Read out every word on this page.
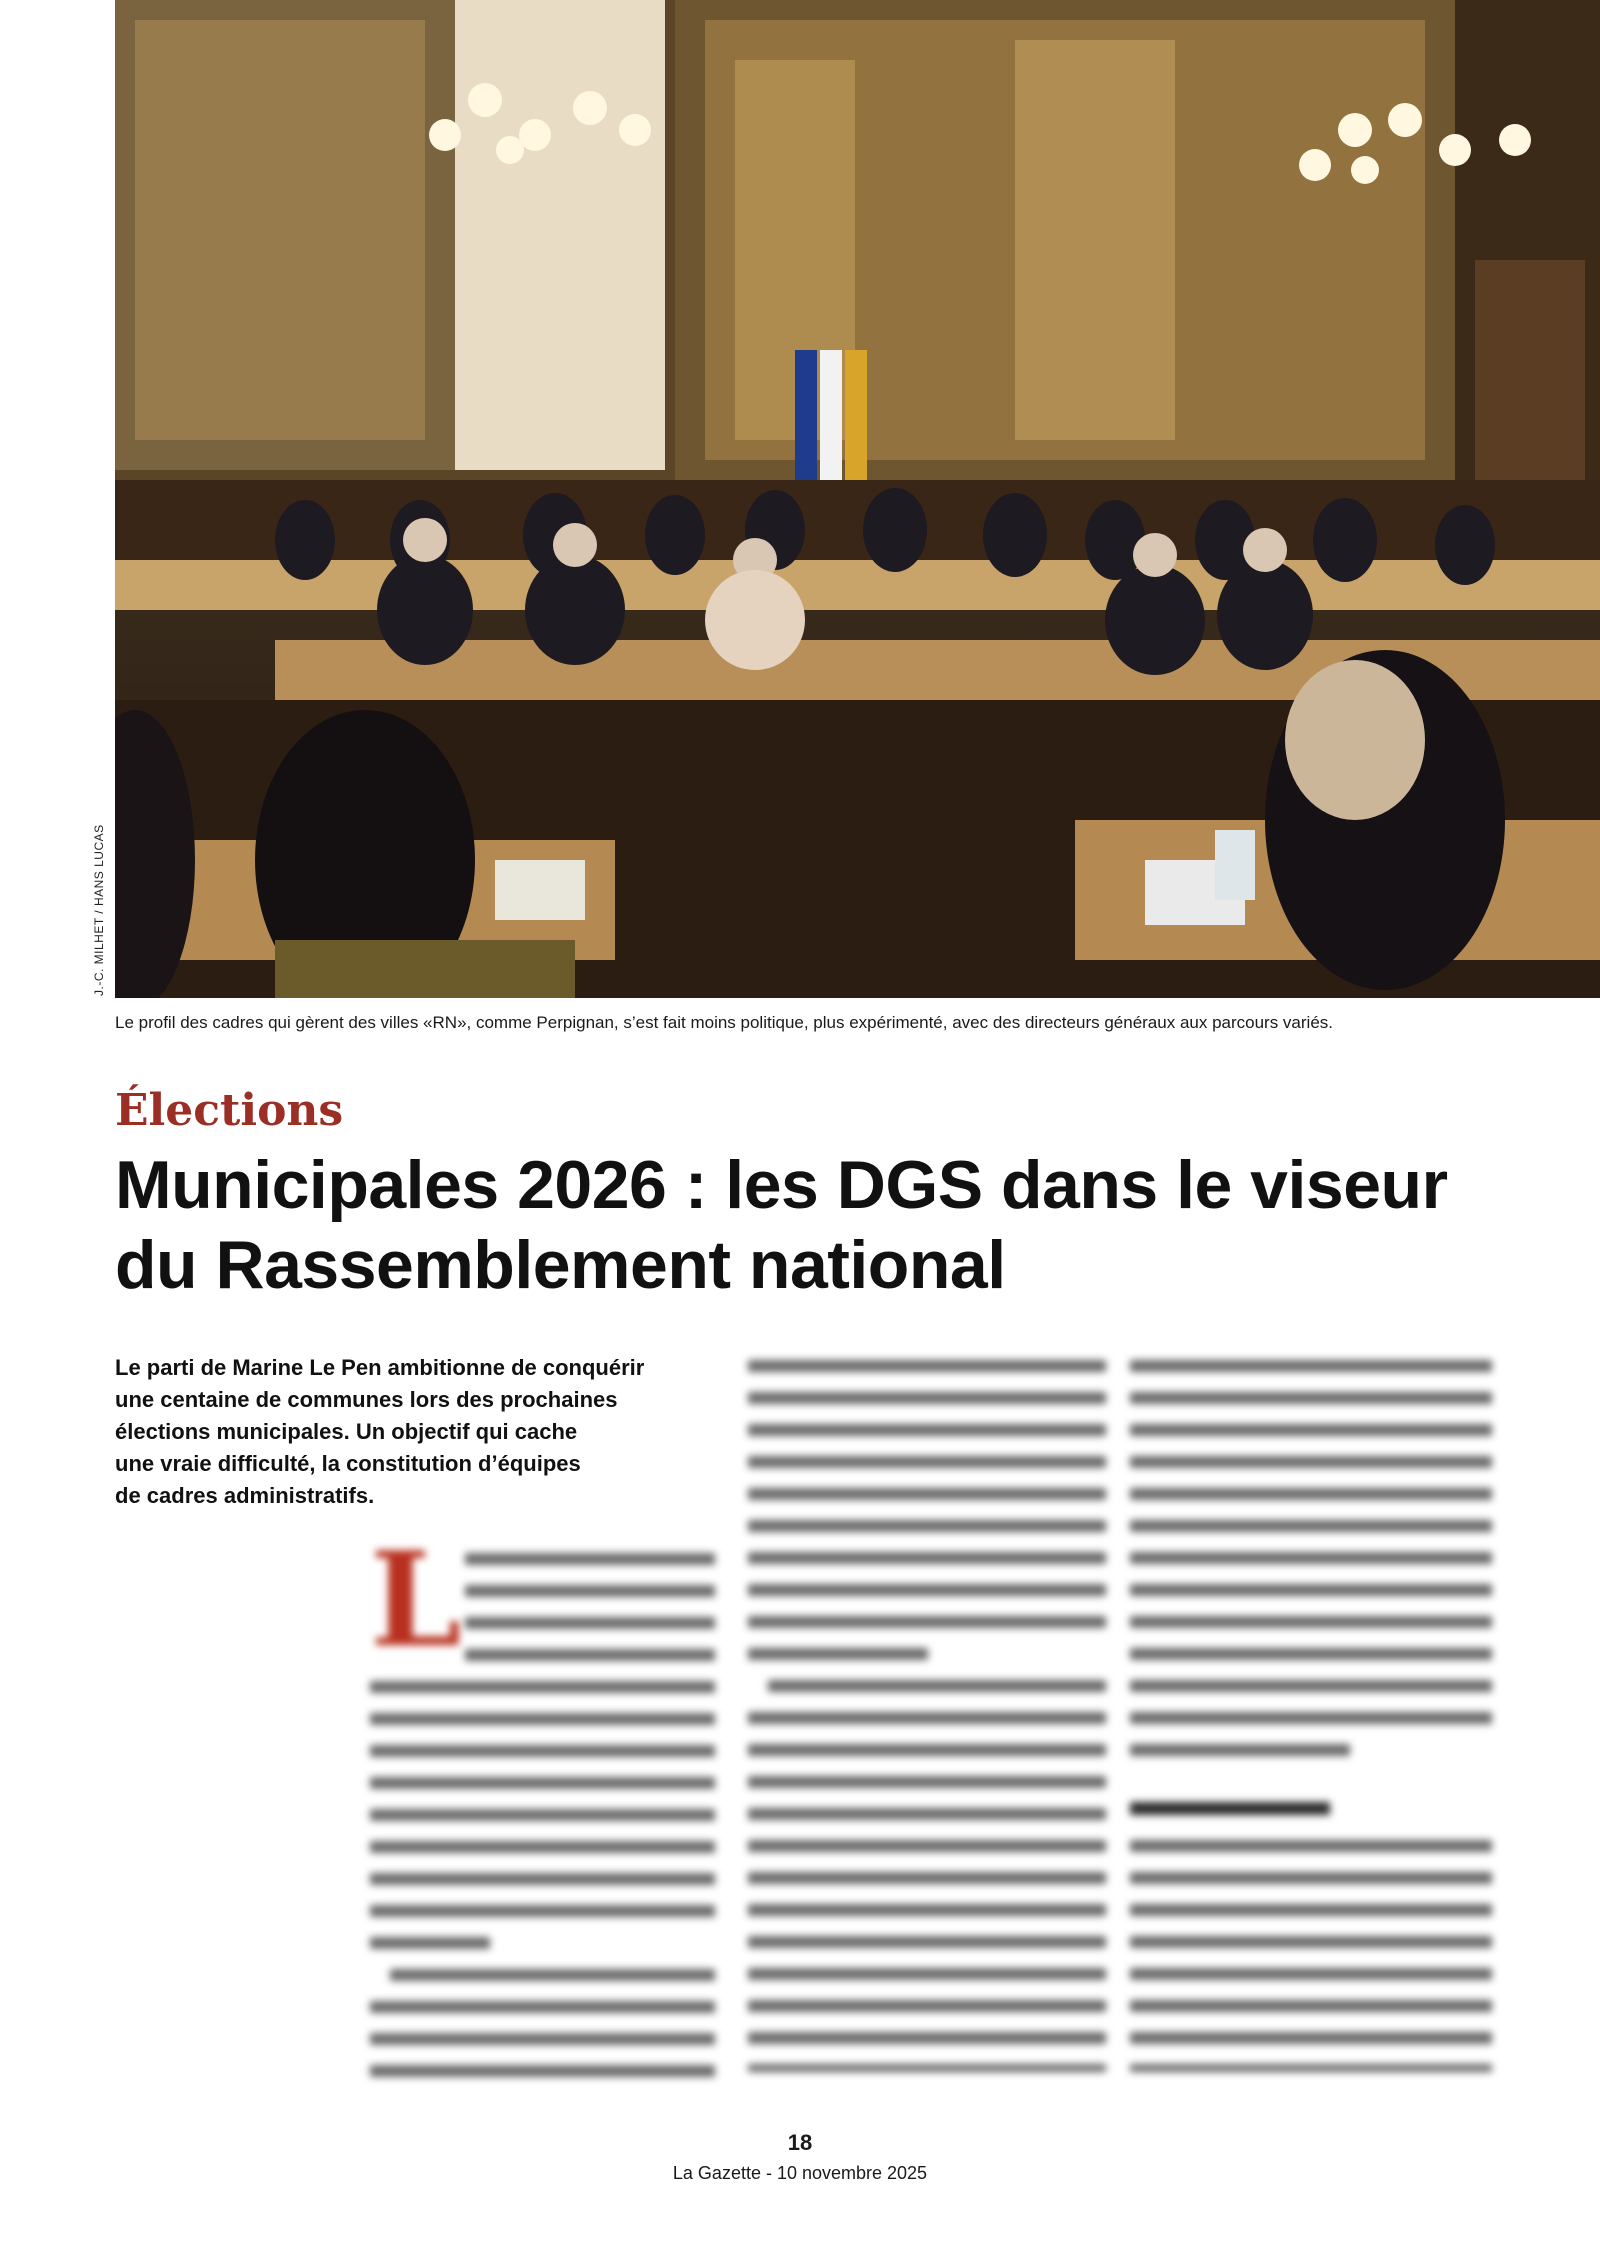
J.-C. MILHET / HANS LUCAS
Le profil des cadres qui gèrent des villes «RN», comme Perpignan, s’est fait moins politique, plus expérimenté, avec des directeurs généraux aux parcours variés.
Élections
Municipales 2026 : les DGS dans le viseur
du Rassemblement national
Le parti de Marine Le Pen ambitionne de conquérir
une centaine de communes lors des prochaines
élections municipales. Un objectif qui cache
une vraie difficulté, la constitution d’équipes
de cadres administratifs.
L
18
La Gazette - 10 novembre 2025
